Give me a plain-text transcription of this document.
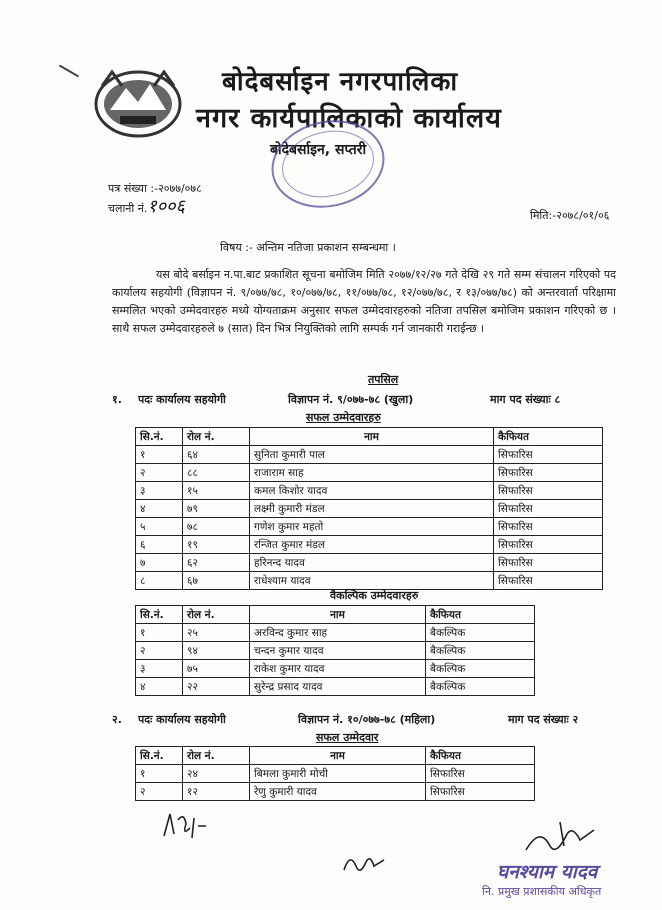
बोदेबर्साइन नगरपालिका
नगर कार्यपालिकाको कार्यालय
बोदेबर्साइन, सप्तरी
पत्र संख्या :-२०७७/०७८
चलानी नं.१००६	मिति:-२०७८/०१/०६
विषय :- अन्तिम नतिजा प्रकाशन सम्बन्धमा ।

यस बोदे बर्साइन न.पा.बाट प्रकाशित सूचना बमोजिम मिति २०७७/१२/२७ गते देखि २९ गते सम्म संचालन गरिएको पद कार्यालय सहयोगी (विज्ञापन नं. ९/०७७/७८, १०/०७७/७८, ११/०७७/७८, १२/०७७/७८, र १३/०७७/७८) को अन्तरवार्ता परिक्षामा सम्मलित भएको उम्मेदवारहरु मध्ये योग्यताक्रम अनुसार सफल उम्मेदवारहरुको नतिजा तपसिल बमोजिम प्रकाशन गरिएको छ । साथै सफल उम्मेदवारहरुले ७ (सात) दिन भित्र नियुक्तिको लागि सम्पर्क गर्न जानकारी गराईन्छ ।

तपसिल
१. पदः कार्यालय सहयोगी	विज्ञापन नं. ९/०७७-७८ (खुला)	माग पद संख्याः ८
सफल उम्मेदवारहरु
सि.नं.	रोल नं.	नाम	कैफियत
१	६४	सुनिता कुमारी पाल	सिफारिस
२	८८	राजाराम साह	सिफारिस
३	१५	कमल किशोर यादव	सिफारिस
४	७९	लक्ष्मी कुमारी मंडल	सिफारिस
५	७८	गणेश कुमार महतो	सिफारिस
६	१९	रन्जित कुमार मंडल	सिफारिस
७	६२	हरिनन्द यादव	सिफारिस
८	६७	राधेश्याम यादव	सिफारिस
वैकल्पिक उम्मेदवारहरु
सि.नं.	रोल नं.	नाम	कैफियत
१	२५	अरविन्द कुमार साह	बैकल्पिक
२	९४	चन्दन कुमार यादव	बैकल्पिक
३	७५	राकेश कुमार यादव	बैकल्पिक
४	२२	सुरेन्द्र प्रसाद यादव	बैकल्पिक
२. पदः कार्यालय सहयोगी	विज्ञापन नं. १०/०७७-७८ (महिला)	माग पद संख्याः २
सफल उम्मेदवार
सि.नं.	रोल नं.	नाम	कैफियत
१	२४	बिमला कुमारी मोची	सिफारिस
२	१२	रेणु कुमारी यादव	सिफारिस
घनश्याम यादव
नि. प्रमुख प्रशासकीय अधिकृत
